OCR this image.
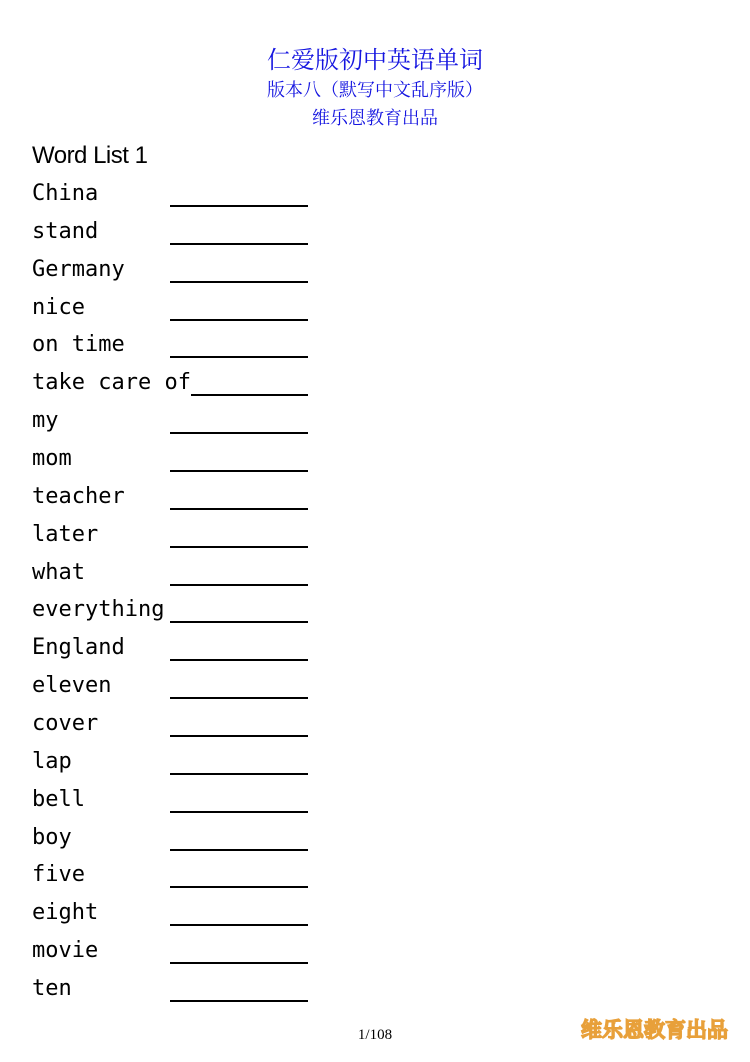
仁爱版初中英语单词
版本八（默写中文乱序版）
维乐恩教育出品
Word List 1
China
stand
Germany
nice
on time
take care of
my
mom
teacher
later
what
everything
England
eleven
cover
lap
bell
boy
five
eight
movie
ten
1/108	维乐恩教育出品
